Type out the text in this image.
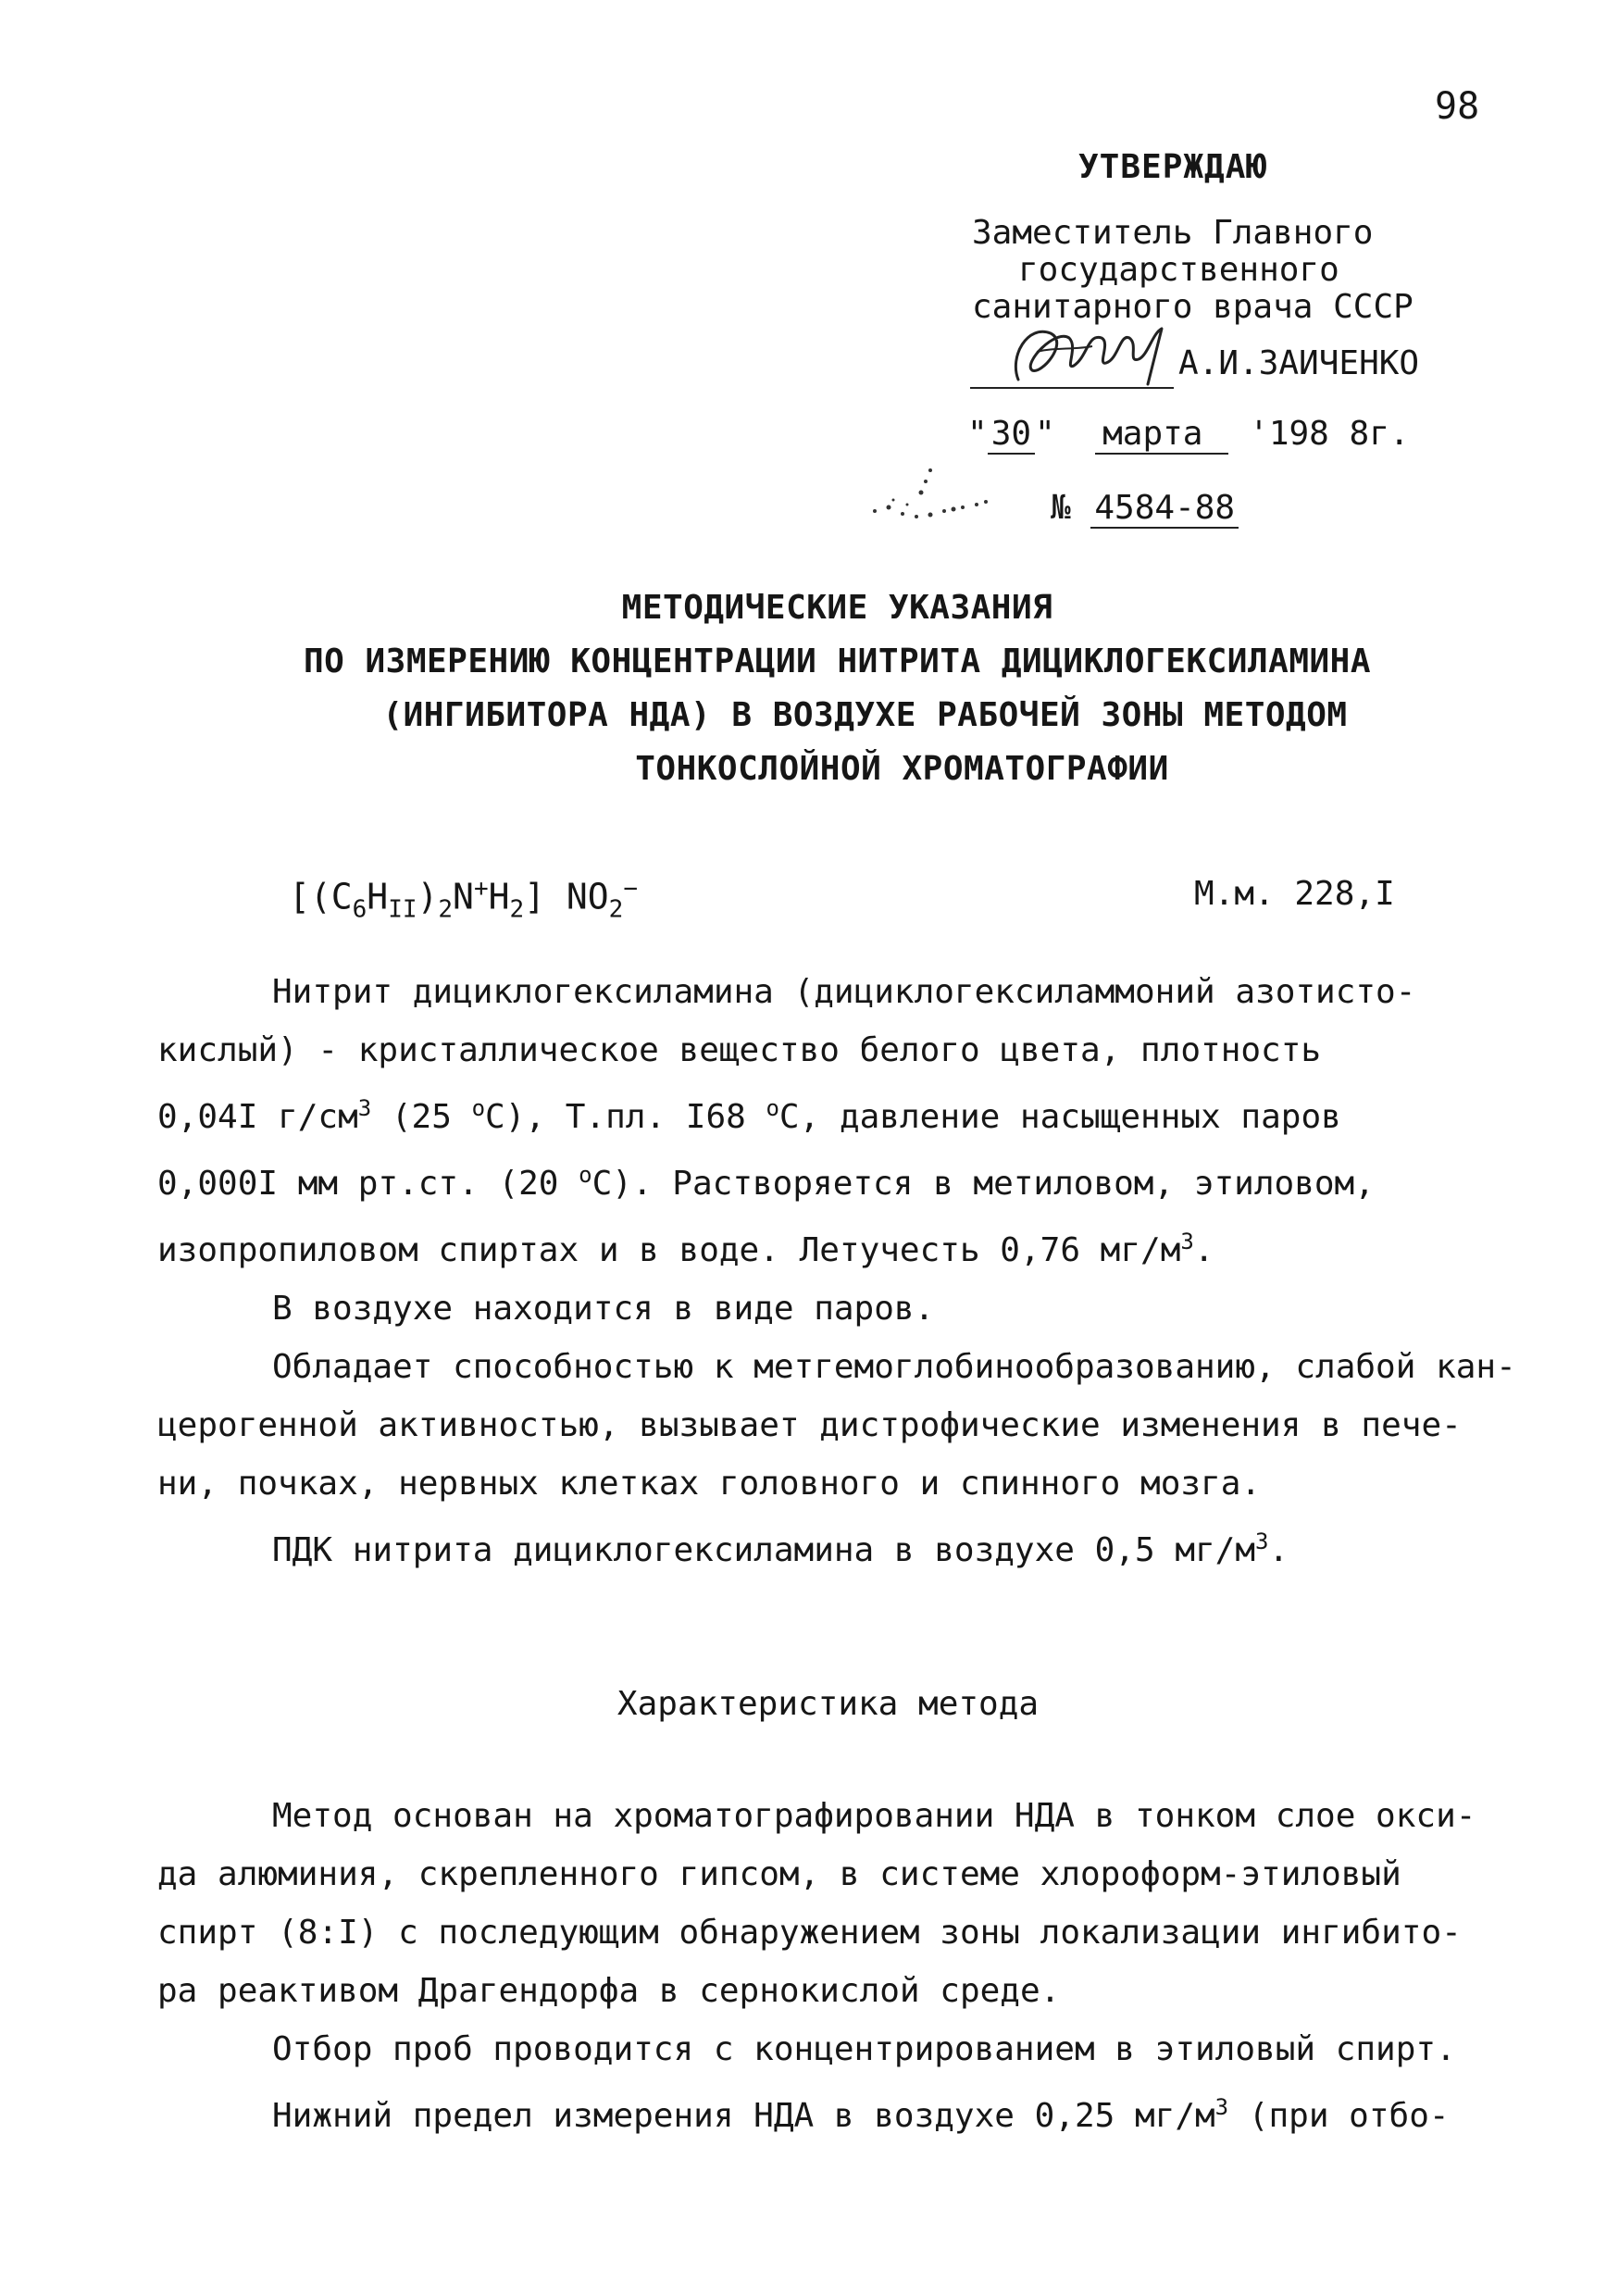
98
УТВЕРЖДАЮ
Заместитель Главного
государственного
санитарного врача СССР
А.И.ЗАИЧЕНКО
" 30 " марта '198 8г.
№ 4584-88
МЕТОДИЧЕСКИЕ УКАЗАНИЯ
ПО ИЗМЕРЕНИЮ КОНЦЕНТРАЦИИ НИТРИТА ДИЦИКЛОГЕКСИЛАМИНА
(ИНГИБИТОРА НДА) В ВОЗДУХЕ РАБОЧЕЙ ЗОНЫ МЕТОДОМ
ТОНКОСЛОЙНОЙ ХРОМАТОГРАФИИ
$[(C_6H_{II})_2N^+H_2]$ $NO_2^-$	М.м. 228,I

Нитрит дициклогексиламина (дициклогексиламмоний азотисто-

кислый) - кристаллическое вещество белого цвета, плотность

0,04I $г/см^3$ (25 $^o$С), Т.пл. I68 $^o$С, давление насыщенных паров

0,000I мм рт.ст. (20 $^o$С). Растворяется в метиловом, этиловом,

изопропиловом спиртах и в воде. Летучесть 0,76 $мг/м^3$.

В воздухе находится в виде паров.

Обладает способностью к метгемоглобинообразованию, слабой кан-

церогенной активностью, вызывает дистрофические изменения в пече-

ни, почках, нервных клетках головного и спинного мозга.

ПДК нитрита дициклогексиламина в воздухе 0,5 $мг/м^3$.

Характеристика метода

Метод основан на хроматографировании НДА в тонком слое окси-

да алюминия, скрепленного гипсом, в системе хлороформ-этиловый

спирт (8:I) с последующим обнаружением зоны локализации ингибито-

ра реактивом Драгендорфа в сернокислой среде.

Отбор проб проводится с концентрированием в этиловый спирт.

Нижний предел измерения НДА в воздухе 0,25 $мг/м^3$ (при отбо-
